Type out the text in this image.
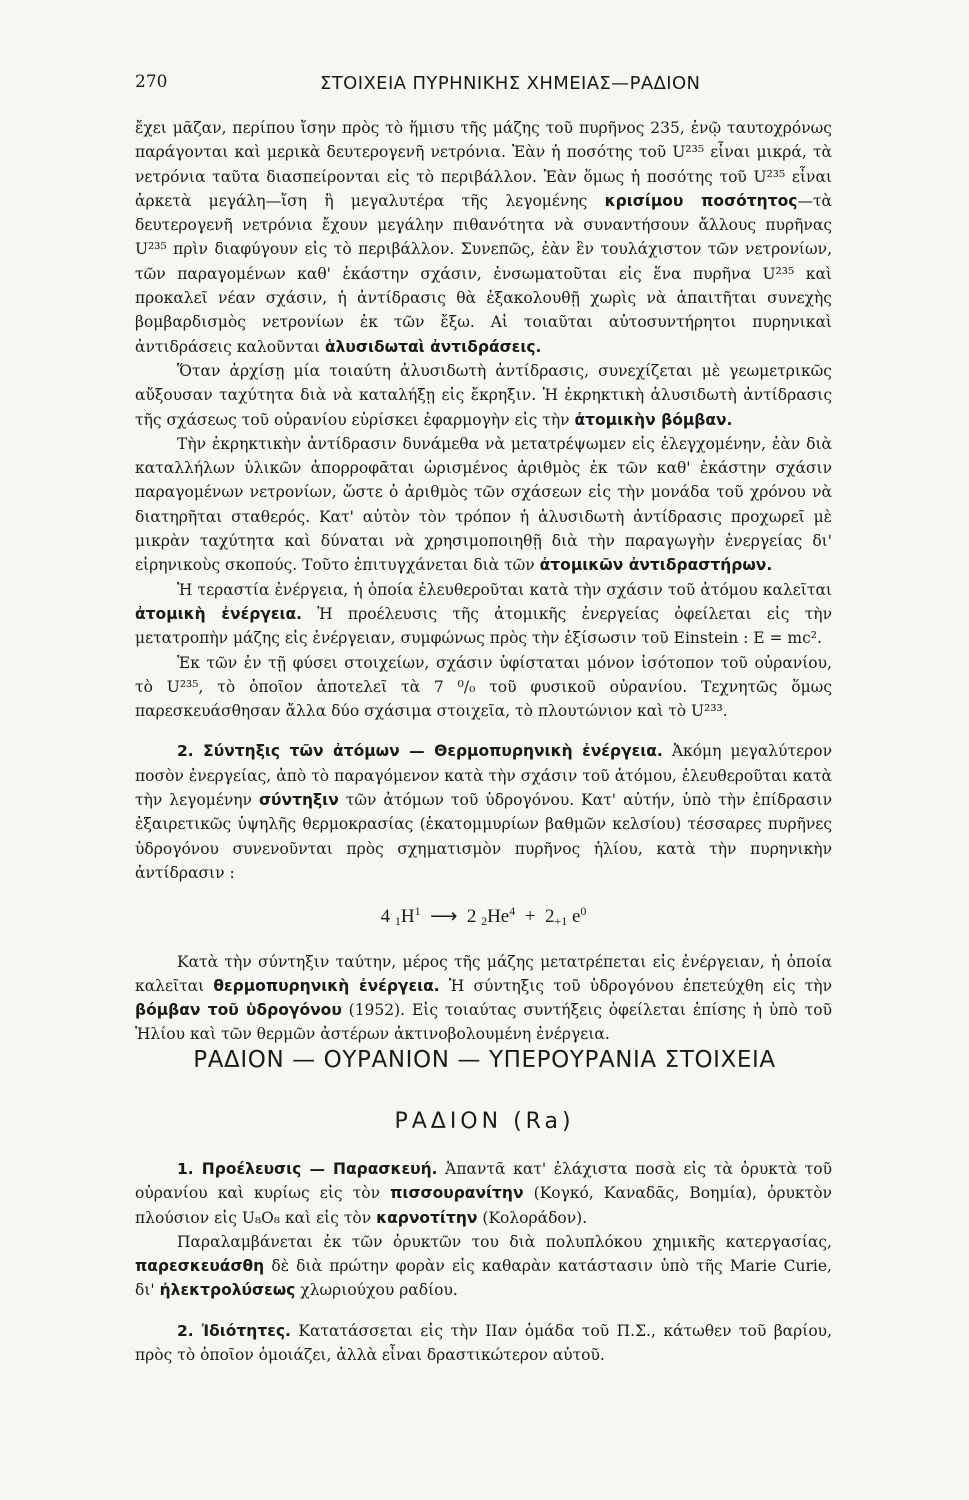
270	ΣΤΟΙΧΕΙΑ ΠΥΡΗΝΙΚΗΣ ΧΗΜΕΙΑΣ—ΡΑΔΙΟΝ

ἔχει μᾶζαν, περίπου ἴσην πρὸς τὸ ἥμισυ τῆς μάζης τοῦ πυρῆνος 235, ἐνῷ ταυτοχρόνως παράγονται καὶ μερικὰ δευτερογενῆ νετρόνια. Ἐὰν ἡ ποσότης τοῦ U²³⁵ εἶναι μικρά, τὰ νετρόνια ταῦτα διασπείρονται εἰς τὸ περιβάλλον. Ἐὰν ὅμως ἡ ποσότης τοῦ U²³⁵ εἶναι ἀρκετὰ μεγάλη—ἴση ἢ μεγαλυτέρα τῆς λεγομένης κρισίμου ποσότητος—τὰ δευτερογενῆ νετρόνια ἔχουν μεγάλην πιθανότητα νὰ συναντήσουν ἄλλους πυρῆνας U²³⁵ πρὶν διαφύγουν εἰς τὸ περιβάλλον. Συνεπῶς, ἐὰν ἓν τουλάχιστον τῶν νετρονίων, τῶν παραγομένων καθ' ἑκάστην σχάσιν, ἐνσωματοῦται εἰς ἕνα πυρῆνα U²³⁵ καὶ προκαλεῖ νέαν σχάσιν, ἡ ἀντίδρασις θὰ ἐξακολουθῇ χωρὶς νὰ ἀπαιτῆται συνεχὴς βομβαρδισμὸς νετρονίων ἐκ τῶν ἔξω. Αἱ τοιαῦται αὐτοσυντήρητοι πυρηνικαὶ ἀντιδράσεις καλοῦνται ἁλυσιδωταὶ ἀντιδράσεις.

Ὅταν ἀρχίσῃ μία τοιαύτη ἁλυσιδωτὴ ἀντίδρασις, συνεχίζεται μὲ γεωμετρικῶς αὔξουσαν ταχύτητα διὰ νὰ καταλήξῃ εἰς ἔκρηξιν. Ἡ ἐκρηκτικὴ ἁλυσιδωτὴ ἀντίδρασις τῆς σχάσεως τοῦ οὐρανίου εὑρίσκει ἐφαρμογὴν εἰς τὴν ἀτομικὴν βόμβαν.

Τὴν ἐκρηκτικὴν ἀντίδρασιν δυνάμεθα νὰ μετατρέψωμεν εἰς ἐλεγχομένην, ἐὰν διὰ καταλλήλων ὑλικῶν ἀπορροφᾶται ὡρισμένος ἀριθμὸς ἐκ τῶν καθ' ἑκάστην σχάσιν παραγομένων νετρονίων, ὥστε ὁ ἀριθμὸς τῶν σχάσεων εἰς τὴν μονάδα τοῦ χρόνου νὰ διατηρῆται σταθερός. Κατ' αὐτὸν τὸν τρόπον ἡ ἁλυσιδωτὴ ἀντίδρασις προχωρεῖ μὲ μικρὰν ταχύτητα καὶ δύναται νὰ χρησιμοποιηθῇ διὰ τὴν παραγωγὴν ἐνεργείας δι' εἰρηνικοὺς σκοπούς. Τοῦτο ἐπιτυγχάνεται διὰ τῶν ἀτομικῶν ἀντιδραστήρων.

Ἡ τεραστία ἐνέργεια, ἡ ὁποία ἐλευθεροῦται κατὰ τὴν σχάσιν τοῦ ἀτόμου καλεῖται ἀτομικὴ ἐνέργεια. Ἡ προέλευσις τῆς ἀτομικῆς ἐνεργείας ὀφείλεται εἰς τὴν μετατροπὴν μάζης εἰς ἐνέργειαν, συμφώνως πρὸς τὴν ἐξίσωσιν τοῦ Einstein : E = mc².

Ἐκ τῶν ἐν τῇ φύσει στοιχείων, σχάσιν ὑφίσταται μόνον ἰσότοπον τοῦ οὐρανίου, τὸ U²³⁵, τὸ ὁποῖον ἀποτελεῖ τὰ 7 ⁰/₀ τοῦ φυσικοῦ οὐρανίου. Τεχνητῶς ὅμως παρεσκευάσθησαν ἄλλα δύο σχάσιμα στοιχεῖα, τὸ πλουτώνιον καὶ τὸ U²³³.

2. Σύντηξις τῶν ἀτόμων — Θερμοπυρηνικὴ ἐνέργεια. Ἀκόμη μεγαλύτερον ποσὸν ἐνεργείας, ἀπὸ τὸ παραγόμενον κατὰ τὴν σχάσιν τοῦ ἀτόμου, ἐλευθεροῦται κατὰ τὴν λεγομένην σύντηξιν τῶν ἀτόμων τοῦ ὑδρογόνου. Κατ' αὐτήν, ὑπὸ τὴν ἐπίδρασιν ἐξαιρετικῶς ὑψηλῆς θερμοκρασίας (ἑκατομμυρίων βαθμῶν κελσίου) τέσσαρες πυρῆνες ὑδρογόνου συνενοῦνται πρὸς σχηματισμὸν πυρῆνος ἡλίου, κατὰ τὴν πυρηνικὴν ἀντίδρασιν :

4 $_1H^1$ ⟶ 2 $_2He^4 + 2_{+1}$ $e^0$

Κατὰ τὴν σύντηξιν ταύτην, μέρος τῆς μάζης μετατρέπεται εἰς ἐνέργειαν, ἡ ὁποία καλεῖται θερμοπυρηνικὴ ἐνέργεια. Ἡ σύντηξις τοῦ ὑδρογόνου ἐπετεύχθη εἰς τὴν βόμβαν τοῦ ὑδρογόνου (1952). Εἰς τοιαύτας συντήξεις ὀφείλεται ἐπίσης ἡ ὑπὸ τοῦ Ἡλίου καὶ τῶν θερμῶν ἀστέρων ἀκτινοβολουμένη ἐνέργεια.

ΡΑΔΙΟΝ — ΟΥΡΑΝΙΟΝ — ΥΠΕΡΟΥΡΑΝΙΑ ΣΤΟΙΧΕΙΑ
ΡΑΔΙΟΝ (Ra)

1. Προέλευσις — Παρασκευή. Ἀπαντᾶ κατ' ἐλάχιστα ποσὰ εἰς τὰ ὀρυκτὰ τοῦ οὐρανίου καὶ κυρίως εἰς τὸν πισσουρανίτην (Κογκό, Καναδᾶς, Βοημία), ὀρυκτὸν πλούσιον εἰς U₈O₈ καὶ εἰς τὸν καρνοτίτην (Κολοράδον).

Παραλαμβάνεται ἐκ τῶν ὀρυκτῶν του διὰ πολυπλόκου χημικῆς κατεργασίας, παρεσκευάσθη δὲ διὰ πρώτην φορὰν εἰς καθαρὰν κατάστασιν ὑπὸ τῆς Marie Curie, δι' ἠλεκτρολύσεως χλωριούχου ραδίου.

2. Ἰδιότητες. Κατατάσσεται εἰς τὴν ΙΙαν ὁμάδα τοῦ Π.Σ., κάτωθεν τοῦ βαρίου, πρὸς τὸ ὁποῖον ὁμοιάζει, ἀλλὰ εἶναι δραστικώτερον αὐτοῦ.
